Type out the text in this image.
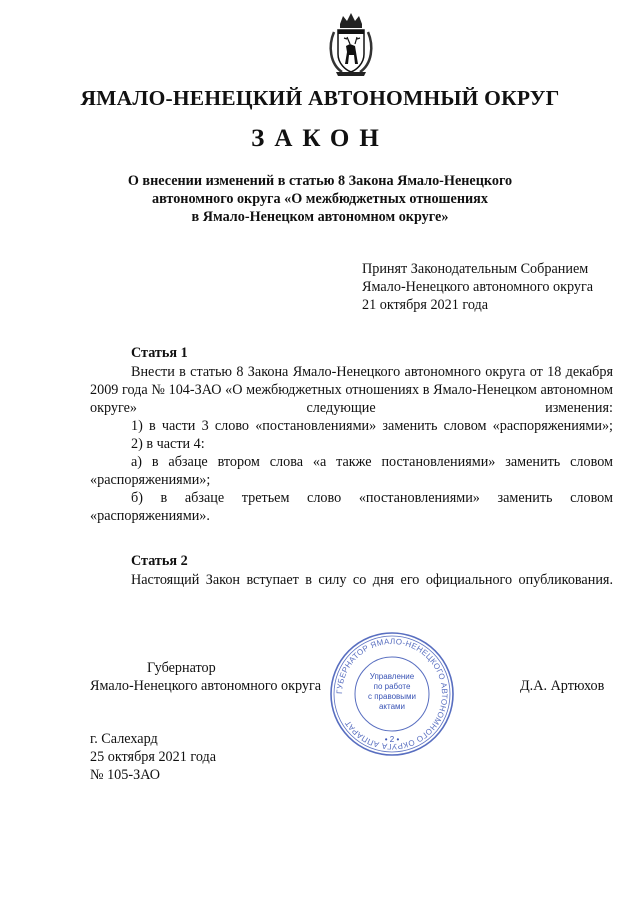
ЯМАЛО-НЕНЕЦКИЙ АВТОНОМНЫЙ ОКРУГ
ЗАКОН
О внесении изменений в статью 8 Закона Ямало-Ненецкого
автономного округа «О межбюджетных отношениях
в Ямало-Ненецком автономном округе»
Принят Законодательным Собранием
Ямало-Ненецкого автономного округа
21 октября 2021 года
Статья 1

Внести в статью 8 Закона Ямало-Ненецкого автономного округа от 18 декабря 2009 года № 104-ЗАО «О межбюджетных отношениях в Ямало-Ненецком автономном округе» следующие изменения:

1) в части 3 слово «постановлениями» заменить словом «распоряжениями»;

2) в части 4:

а) в абзаце втором слова «а также постановлениями» заменить словом «распоряжениями»;

б) в абзаце третьем слово «постановлениями» заменить словом «распоряжениями».

Статья 2

Настоящий Закон вступает в силу со дня его официального опубликования.

Губернатор
Ямало-Ненецкого автономного округа	Д.А. Артюхов
ГУБЕРНАТОР ЯМАЛО-НЕНЕЦКОГО АВТОНОМНОГО ОКРУГА АППАРАТ
Управление
по работе
с правовыми
актами
• 2 •
г. Салехард
25 октября 2021 года
№ 105-ЗАО
